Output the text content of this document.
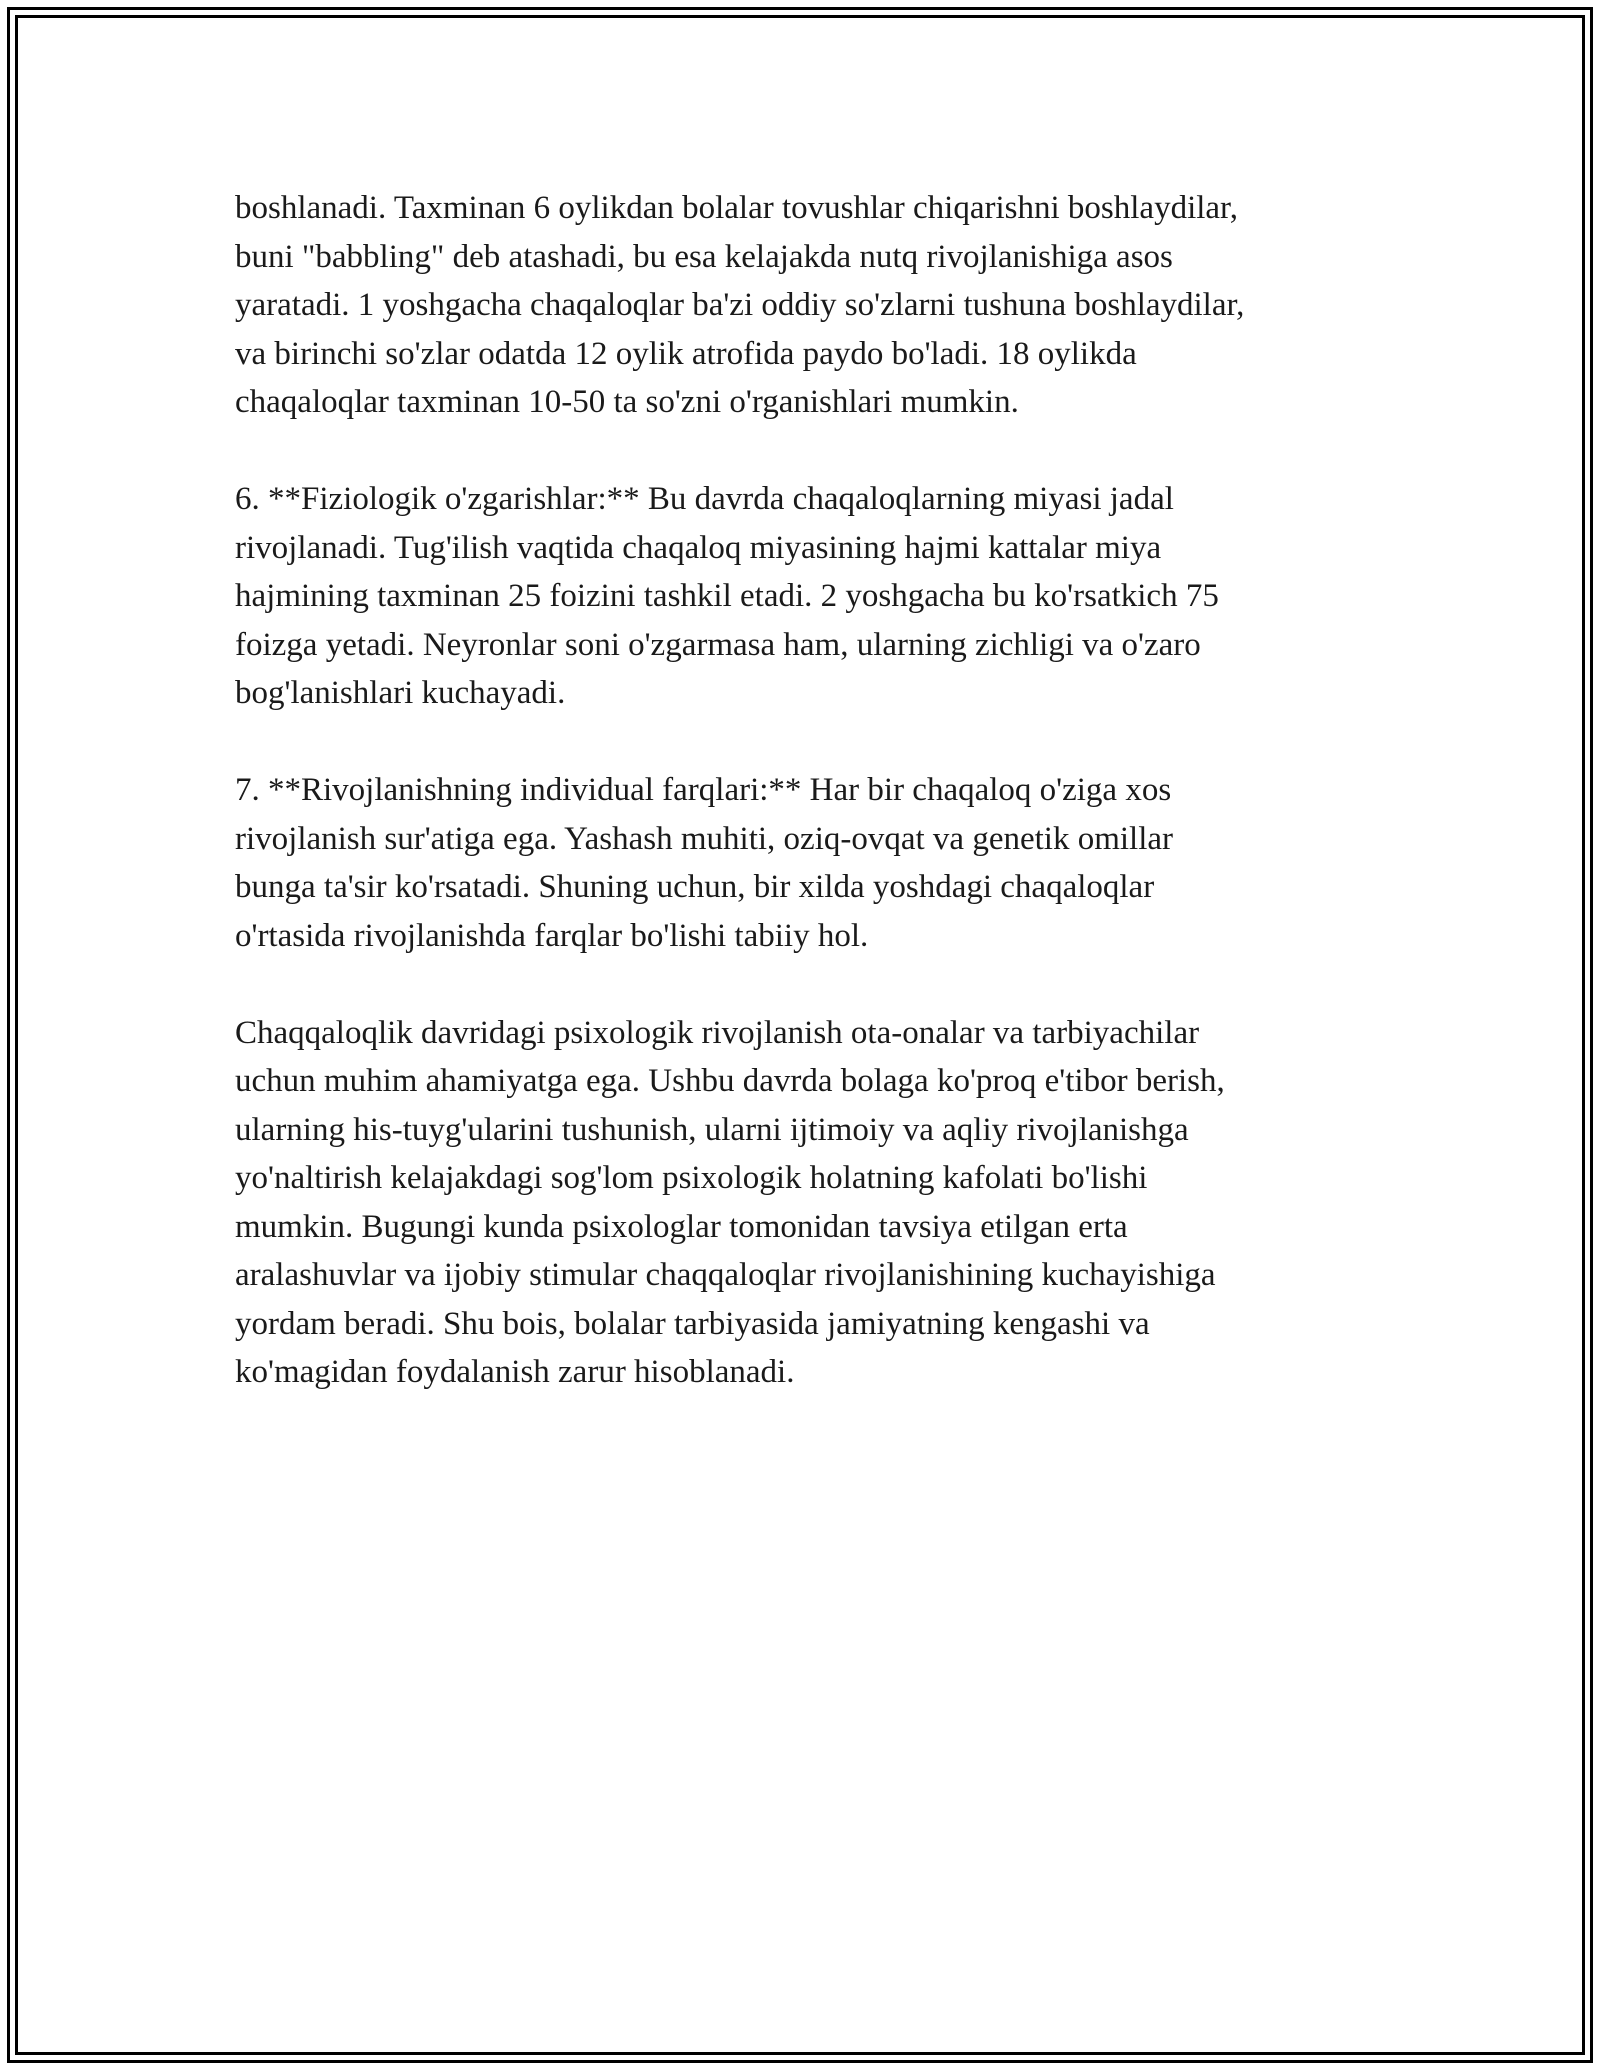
boshlanadi. Taxminan 6 oylikdan bolalar tovushlar chiqarishni boshlaydilar,
buni "babbling" deb atashadi, bu esa kelajakda nutq rivojlanishiga asos
yaratadi. 1 yoshgacha chaqaloqlar ba'zi oddiy so'zlarni tushuna boshlaydilar,
va birinchi so'zlar odatda 12 oylik atrofida paydo bo'ladi. 18 oylikda
chaqaloqlar taxminan 10-50 ta so'zni o'rganishlari mumkin.

6. **Fiziologik o'zgarishlar:** Bu davrda chaqaloqlarning miyasi jadal
rivojlanadi. Tug'ilish vaqtida chaqaloq miyasining hajmi kattalar miya
hajmining taxminan 25 foizini tashkil etadi. 2 yoshgacha bu ko'rsatkich 75
foizga yetadi. Neyronlar soni o'zgarmasa ham, ularning zichligi va o'zaro
bog'lanishlari kuchayadi.

7. **Rivojlanishning individual farqlari:** Har bir chaqaloq o'ziga xos
rivojlanish sur'atiga ega. Yashash muhiti, oziq-ovqat va genetik omillar
bunga ta'sir ko'rsatadi. Shuning uchun, bir xilda yoshdagi chaqaloqlar
o'rtasida rivojlanishda farqlar bo'lishi tabiiy hol.

Chaqqaloqlik davridagi psixologik rivojlanish ota-onalar va tarbiyachilar
uchun muhim ahamiyatga ega. Ushbu davrda bolaga ko'proq e'tibor berish,
ularning his-tuyg'ularini tushunish, ularni ijtimoiy va aqliy rivojlanishga
yo'naltirish kelajakdagi sog'lom psixologik holatning kafolati bo'lishi
mumkin. Bugungi kunda psixologlar tomonidan tavsiya etilgan erta
aralashuvlar va ijobiy stimular chaqqaloqlar rivojlanishining kuchayishiga
yordam beradi. Shu bois, bolalar tarbiyasida jamiyatning kengashi va
ko'magidan foydalanish zarur hisoblanadi.
